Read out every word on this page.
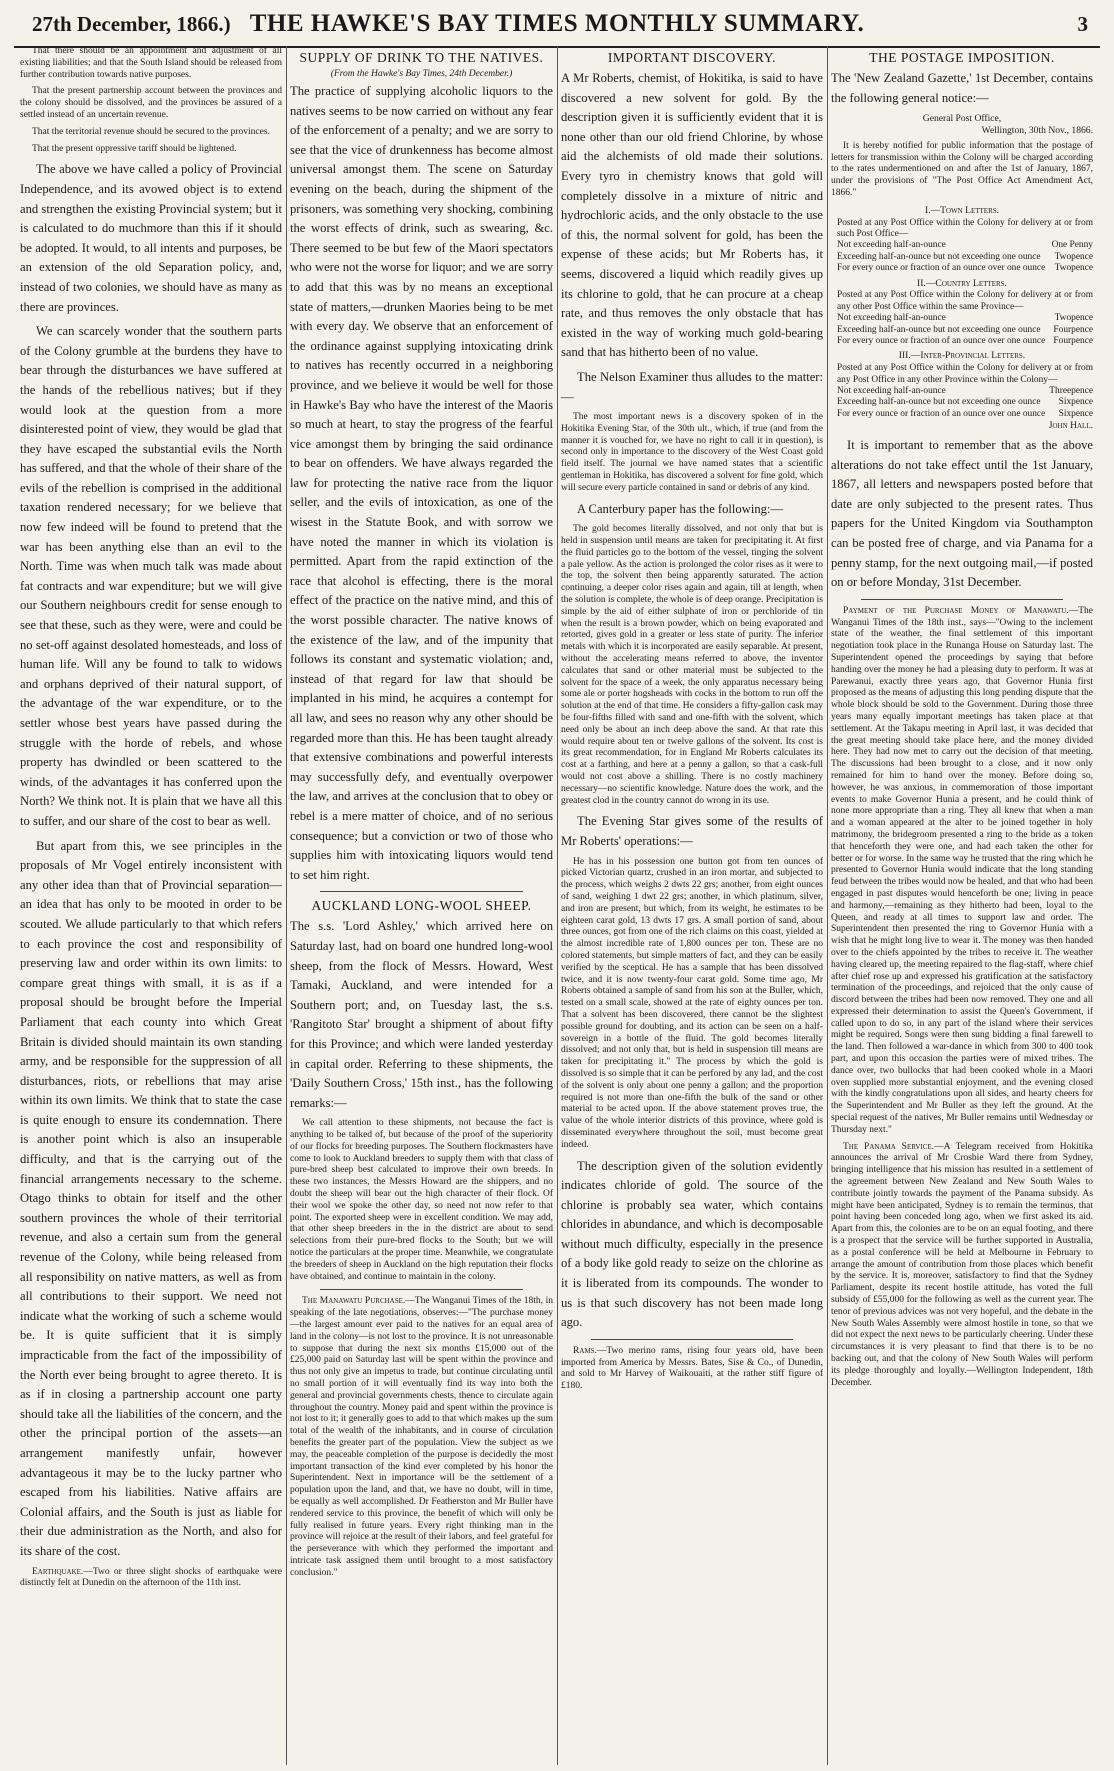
27th December, 1866.) THE HAWKE'S BAY TIMES MONTHLY SUMMARY.	3

That there should be an appointment and adjustment of all existing liabilities; and that the South Island should be released from further contribution towards native purposes.

That the present partnership account between the provinces and the colony should be dissolved, and the provinces be assured of a settled instead of an uncertain revenue.

That the territorial revenue should be secured to the provinces.

That the present oppressive tariff should be lightened.

The above we have called a policy of Provincial Independence, and its avowed object is to extend and strengthen the existing Provincial system; but it is calculated to do muchmore than this if it should be adopted. It would, to all intents and purposes, be an extension of the old Separation policy, and, instead of two colonies, we should have as many as there are provinces.

We can scarcely wonder that the southern parts of the Colony grumble at the burdens they have to bear through the disturbances we have suffered at the hands of the rebellious natives; but if they would look at the question from a more disinterested point of view, they would be glad that they have escaped the substantial evils the North has suffered, and that the whole of their share of the evils of the rebellion is comprised in the additional taxation rendered necessary; for we believe that now few indeed will be found to pretend that the war has been anything else than an evil to the North. Time was when much talk was made about fat contracts and war expenditure; but we will give our Southern neighbours credit for sense enough to see that these, such as they were, were and could be no set-off against desolated homesteads, and loss of human life. Will any be found to talk to widows and orphans deprived of their natural support, of the advantage of the war expenditure, or to the settler whose best years have passed during the struggle with the horde of rebels, and whose property has dwindled or been scattered to the winds, of the advantages it has conferred upon the North? We think not. It is plain that we have all this to suffer, and our share of the cost to bear as well.

But apart from this, we see principles in the proposals of Mr Vogel entirely inconsistent with any other idea than that of Provincial separation—an idea that has only to be mooted in order to be scouted. We allude particularly to that which refers to each province the cost and responsibility of preserving law and order within its own limits: to compare great things with small, it is as if a proposal should be brought before the Imperial Parliament that each county into which Great Britain is divided should maintain its own standing army, and be responsible for the suppression of all disturbances, riots, or rebellions that may arise within its own limits. We think that to state the case is quite enough to ensure its condemnation. There is another point which is also an insuperable difficulty, and that is the carrying out of the financial arrangements necessary to the scheme. Otago thinks to obtain for itself and the other southern provinces the whole of their territorial revenue, and also a certain sum from the general revenue of the Colony, while being released from all responsibility on native matters, as well as from all contributions to their support. We need not indicate what the working of such a scheme would be. It is quite sufficient that it is simply impracticable from the fact of the impossibility of the North ever being brought to agree thereto. It is as if in closing a partnership account one party should take all the liabilities of the concern, and the other the principal portion of the assets—an arrangement manifestly unfair, however advantageous it may be to the lucky partner who escaped from his liabilities. Native affairs are Colonial affairs, and the South is just as liable for their due administration as the North, and also for its share of the cost.

Earthquake.—Two or three slight shocks of earthquake were distinctly felt at Dunedin on the afternoon of the 11th inst.

SUPPLY OF DRINK TO THE NATIVES.
(From the Hawke's Bay Times, 24th December.)

The practice of supplying alcoholic liquors to the natives seems to be now carried on without any fear of the enforcement of a penalty; and we are sorry to see that the vice of drunkenness has become almost universal amongst them. The scene on Saturday evening on the beach, during the shipment of the prisoners, was something very shocking, combining the worst effects of drink, such as swearing, &c. There seemed to be but few of the Maori spectators who were not the worse for liquor; and we are sorry to add that this was by no means an exceptional state of matters,—drunken Maories being to be met with every day. We observe that an enforcement of the ordinance against supplying intoxicating drink to natives has recently occurred in a neighboring province, and we believe it would be well for those in Hawke's Bay who have the interest of the Maoris so much at heart, to stay the progress of the fearful vice amongst them by bringing the said ordinance to bear on offenders. We have always regarded the law for protecting the native race from the liquor seller, and the evils of intoxication, as one of the wisest in the Statute Book, and with sorrow we have noted the manner in which its violation is permitted. Apart from the rapid extinction of the race that alcohol is effecting, there is the moral effect of the practice on the native mind, and this of the worst possible character. The native knows of the existence of the law, and of the impunity that follows its constant and systematic violation; and, instead of that regard for law that should be implanted in his mind, he acquires a contempt for all law, and sees no reason why any other should be regarded more than this. He has been taught already that extensive combinations and powerful interests may successfully defy, and eventually overpower the law, and arrives at the conclusion that to obey or rebel is a mere matter of choice, and of no serious consequence; but a conviction or two of those who supplies him with intoxicating liquors would tend to set him right.

AUCKLAND LONG-WOOL SHEEP.

The s.s. 'Lord Ashley,' which arrived here on Saturday last, had on board one hundred long-wool sheep, from the flock of Messrs. Howard, West Tamaki, Auckland, and were intended for a Southern port; and, on Tuesday last, the s.s. 'Rangitoto Star' brought a shipment of about fifty for this Province; and which were landed yesterday in capital order. Referring to these shipments, the 'Daily Southern Cross,' 15th inst., has the following remarks:—

We call attention to these shipments, not because the fact is anything to be talked of, but because of the proof of the superiority of our flocks for breeding purposes. The Southern flockmasters have come to look to Auckland breeders to supply them with that class of pure-bred sheep best calculated to improve their own breeds. In these two instances, the Messrs Howard are the shippers, and no doubt the sheep will bear out the high character of their flock. Of their wool we spoke the other day, so need not now refer to that point. The exported sheep were in excellent condition. We may add, that other sheep breeders in the in the district are about to send selections from their pure-bred flocks to the South; but we will notice the particulars at the proper time. Meanwhile, we congratulate the breeders of sheep in Auckland on the high reputation their flocks have obtained, and continue to maintain in the colony.

The Manawatu Purchase.—The Wanganui Times of the 18th, in speaking of the late negotiations, observes:—"The purchase money—the largest amount ever paid to the natives for an equal area of land in the colony—is not lost to the province. It is not unreasonable to suppose that during the next six months £15,000 out of the £25,000 paid on Saturday last will be spent within the province and thus not only give an impetus to trade, but continue circulating until no small portion of it will eventually find its way into both the general and provincial governments chests, thence to circulate again throughout the country. Money paid and spent within the province is not lost to it; it generally goes to add to that which makes up the sum total of the wealth of the inhabitants, and in course of circulation benefits the greater part of the population. View the subject as we may, the peaceable completion of the purpose is decidedly the most important transaction of the kind ever completed by his honor the Superintendent. Next in importance will be the settlement of a population upon the land, and that, we have no doubt, will in time, be equally as well accomplished. Dr Featherston and Mr Buller have rendered service to this province, the benefit of which will only be fully realised in future years. Every right thinking man in the province will rejoice at the result of their labors, and feel grateful for the perseverance with which they performed the important and intricate task assigned them until brought to a most satisfactory conclusion."

IMPORTANT DISCOVERY.

A Mr Roberts, chemist, of Hokitika, is said to have discovered a new solvent for gold. By the description given it is sufficiently evident that it is none other than our old friend Chlorine, by whose aid the alchemists of old made their solutions. Every tyro in chemistry knows that gold will completely dissolve in a mixture of nitric and hydrochloric acids, and the only obstacle to the use of this, the normal solvent for gold, has been the expense of these acids; but Mr Roberts has, it seems, discovered a liquid which readily gives up its chlorine to gold, that he can procure at a cheap rate, and thus removes the only obstacle that has existed in the way of working much gold-bearing sand that has hitherto been of no value.

The Nelson Examiner thus alludes to the matter:—

The most important news is a discovery spoken of in the Hokitika Evening Star, of the 30th ult., which, if true (and from the manner it is vouched for, we have no right to call it in question), is second only in importance to the discovery of the West Coast gold field itself. The journal we have named states that a scientific gentleman in Hokitika, has discovered a solvent for fine gold, which will secure every particle contained in sand or debris of any kind.

A Canterbury paper has the following:—

The gold becomes literally dissolved, and not only that but is held in suspension until means are taken for precipitating it. At first the fluid particles go to the bottom of the vessel, tinging the solvent a pale yellow. As the action is prolonged the color rises as it were to the top, the solvent then being apparently saturated. The action continuing, a deeper color rises again and again, till at length, when the solution is complete, the whole is of deep orange. Precipitation is simple by the aid of either sulphate of iron or perchloride of tin when the result is a brown powder, which on being evaporated and retorted, gives gold in a greater or less state of purity. The inferior metals with which it is incorporated are easily separable. At present, without the accelerating means referred to above, the inventor calculates that sand or other material must be subjected to the solvent for the space of a week, the only apparatus necessary being some ale or porter hogsheads with cocks in the bottom to run off the solution at the end of that time. He considers a fifty-gallon cask may be four-fifths filled with sand and one-fifth with the solvent, which need only be about an inch deep above the sand. At that rate this would require about ten or twelve gallons of the solvent. Its cost is its great recommendation, for in England Mr Roberts calculates its cost at a farthing, and here at a penny a gallon, so that a cask-full would not cost above a shilling. There is no costly machinery necessary—no scientific knowledge. Nature does the work, and the greatest clod in the country cannot do wrong in its use.

The Evening Star gives some of the results of Mr Roberts' operations:—

He has in his possession one button got from ten ounces of picked Victorian quartz, crushed in an iron mortar, and subjected to the process, which weighs 2 dwts 22 grs; another, from eight ounces of sand, weighing 1 dwt 22 grs; another, in which platinum, silver, and iron are present, but which, from its weight, he estimates to be eighteen carat gold, 13 dwts 17 grs. A small portion of sand, about three ounces, got from one of the rich claims on this coast, yielded at the almost incredible rate of 1,800 ounces per ton. These are no colored statements, but simple matters of fact, and they can be easily verified by the sceptical. He has a sample that has been dissolved twice, and it is now twenty-four carat gold. Some time ago, Mr Roberts obtained a sample of sand from his son at the Buller, which, tested on a small scale, showed at the rate of eighty ounces per ton. That a solvent has been discovered, there cannot be the slightest possible ground for doubting, and its action can be seen on a half-sovereign in a bottle of the fluid. The gold becomes literally dissolved; and not only that, but is held in suspension till means are taken for precipitating it." The process by which the gold is dissolved is so simple that it can be perfored by any lad, and the cost of the solvent is only about one penny a gallon; and the proportion required is not more than one-fifth the bulk of the sand or other material to be acted upon. If the above statement proves true, the value of the whole interior districts of this province, where gold is disseminated everywhere throughout the soil, must become great indeed.

The description given of the solution evidently indicates chloride of gold. The source of the chlorine is probably sea water, which contains chlorides in abundance, and which is decomposable without much difficulty, especially in the presence of a body like gold ready to seize on the chlorine as it is liberated from its compounds. The wonder to us is that such discovery has not been made long ago.

Rams.—Two merino rams, rising four years old, have been imported from America by Messrs. Bates, Sise & Co., of Dunedin, and sold to Mr Harvey of Waikouaiti, at the rather stiff figure of £180.

THE POSTAGE IMPOSITION.

The 'New Zealand Gazette,' 1st December, contains the following general notice:—

General Post Office,

Wellington, 30th Nov., 1866.

It is hereby notified for public information that the postage of letters for transmission within the Colony will be charged according to the rates undermentioned on and after the 1st of January, 1867, under the provisions of "The Post Office Act Amendment Act, 1866."

I.—Town Letters.

Posted at any Post Office within the Colony for delivery at or from such Post Office—

Not exceeding half-an-ounce	One Penny
Exceeding half-an-ounce but not exceeding one ounce	Twopence
For every ounce or fraction of an ounce over one ounce Twopence
II.—Country Letters.

Posted at any Post Office within the Colony for delivery at or from any other Post Office within the same Province—

Not exceeding half-an-ounce	Twopence
Exceeding half-an-ounce but not exceeding one ounce	Fourpence
For every ounce or fraction of an ounce over one ounce Fourpence
III.—Inter-Provincial Letters.

Posted at any Post Office within the Colony for delivery at or from any Post Office in any other Province within the Colony—

Not exceeding half-an-ounce	Threepence
Exceeding half-an-ounce but not exceeding one ounce	Sixpence
For every ounce or fraction of an ounce over one ounce	Sixpence

John Hall.

It is important to remember that as the above alterations do not take effect until the 1st January, 1867, all letters and newspapers posted before that date are only subjected to the present rates. Thus papers for the United Kingdom via Southampton can be posted free of charge, and via Panama for a penny stamp, for the next outgoing mail,—if posted on or before Monday, 31st December.

Payment of the Purchase Money of Manawatu.—The Wanganui Times of the 18th inst., says—"Owing to the inclement state of the weather, the final settlement of this important negotiation took place in the Runanga House on Saturday last. The Superintendent opened the proceedings by saying that before handing over the money he had a pleasing duty to perform. It was at Parewanui, exactly three years ago, that Governor Hunia first proposed as the means of adjusting this long pending dispute that the whole block should be sold to the Government. During those three years many equally important meetings has taken place at that settlement. At the Takapu meeting in April last, it was decided that the great meeting should take place here, and the money divided here. They had now met to carry out the decision of that meeting. The discussions had been brought to a close, and it now only remained for him to hand over the money. Before doing so, however, he was anxious, in commemoration of those important events to make Governor Hunia a present, and he could think of none more appropriate than a ring. They all knew that when a man and a woman appeared at the alter to be joined together in holy matrimony, the bridegroom presented a ring to the bride as a token that henceforth they were one, and had each taken the other for better or for worse. In the same way he trusted that the ring which he presented to Governor Hunia would indicate that the long standing feud between the tribes would now be healed, and that who had been engaged in past disputes would henceforth be one; living in peace and harmony,—remaining as they hitherto had been, loyal to the Queen, and ready at all times to support law and order. The Superintendent then presented the ring to Governor Hunia with a wish that he might long live to wear it. The money was then handed over to the chiefs appointed by the tribes to receive it. The weather having cleared up, the meeting repaired to the flag-staff, where chief after chief rose up and expressed his gratification at the satisfactory termination of the proceedings, and rejoiced that the only cause of discord between the tribes had been now removed. They one and all expressed their determination to assist the Queen's Government, if called upon to do so, in any part of the island where their services might be required. Songs were then sung bidding a final farewell to the land. Then followed a war-dance in which from 300 to 400 took part, and upon this occasion the parties were of mixed tribes. The dance over, two bullocks that had been cooked whole in a Maori oven supplied more substantial enjoyment, and the evening closed with the kindly congratulations upon all sides, and hearty cheers for the Superintendent and Mr Buller as they left the ground. At the special request of the natives, Mr Buller remains until Wednesday or Thursday next."

The Panama Service.—A Telegram received from Hokitika announces the arrival of Mr Crosbie Ward there from Sydney, bringing intelligence that his mission has resulted in a settlement of the agreement between New Zealand and New South Wales to contribute jointly towards the payment of the Panama subsidy. As might have been anticipated, Sydney is to remain the terminus, that point having been conceded long ago, when we first asked its aid. Apart from this, the colonies are to be on an equal footing, and there is a prospect that the service will be further supported in Australia, as a postal conference will be held at Melbourne in February to arrange the amount of contribution from those places which benefit by the service. It is, moreover, satisfactory to find that the Sydney Parliament, despite its recent hostile attitude, has voted the full subsidy of £55,000 for the following as well as the current year. The tenor of previous advices was not very hopeful, and the debate in the New South Wales Assembly were almost hostile in tone, so that we did not expect the next news to be particularly cheering. Under these circumstances it is very pleasant to find that there is to be no backing out, and that the colony of New South Wales will perform its pledge thoroughly and loyally.—Wellington Independent, 18th December.
